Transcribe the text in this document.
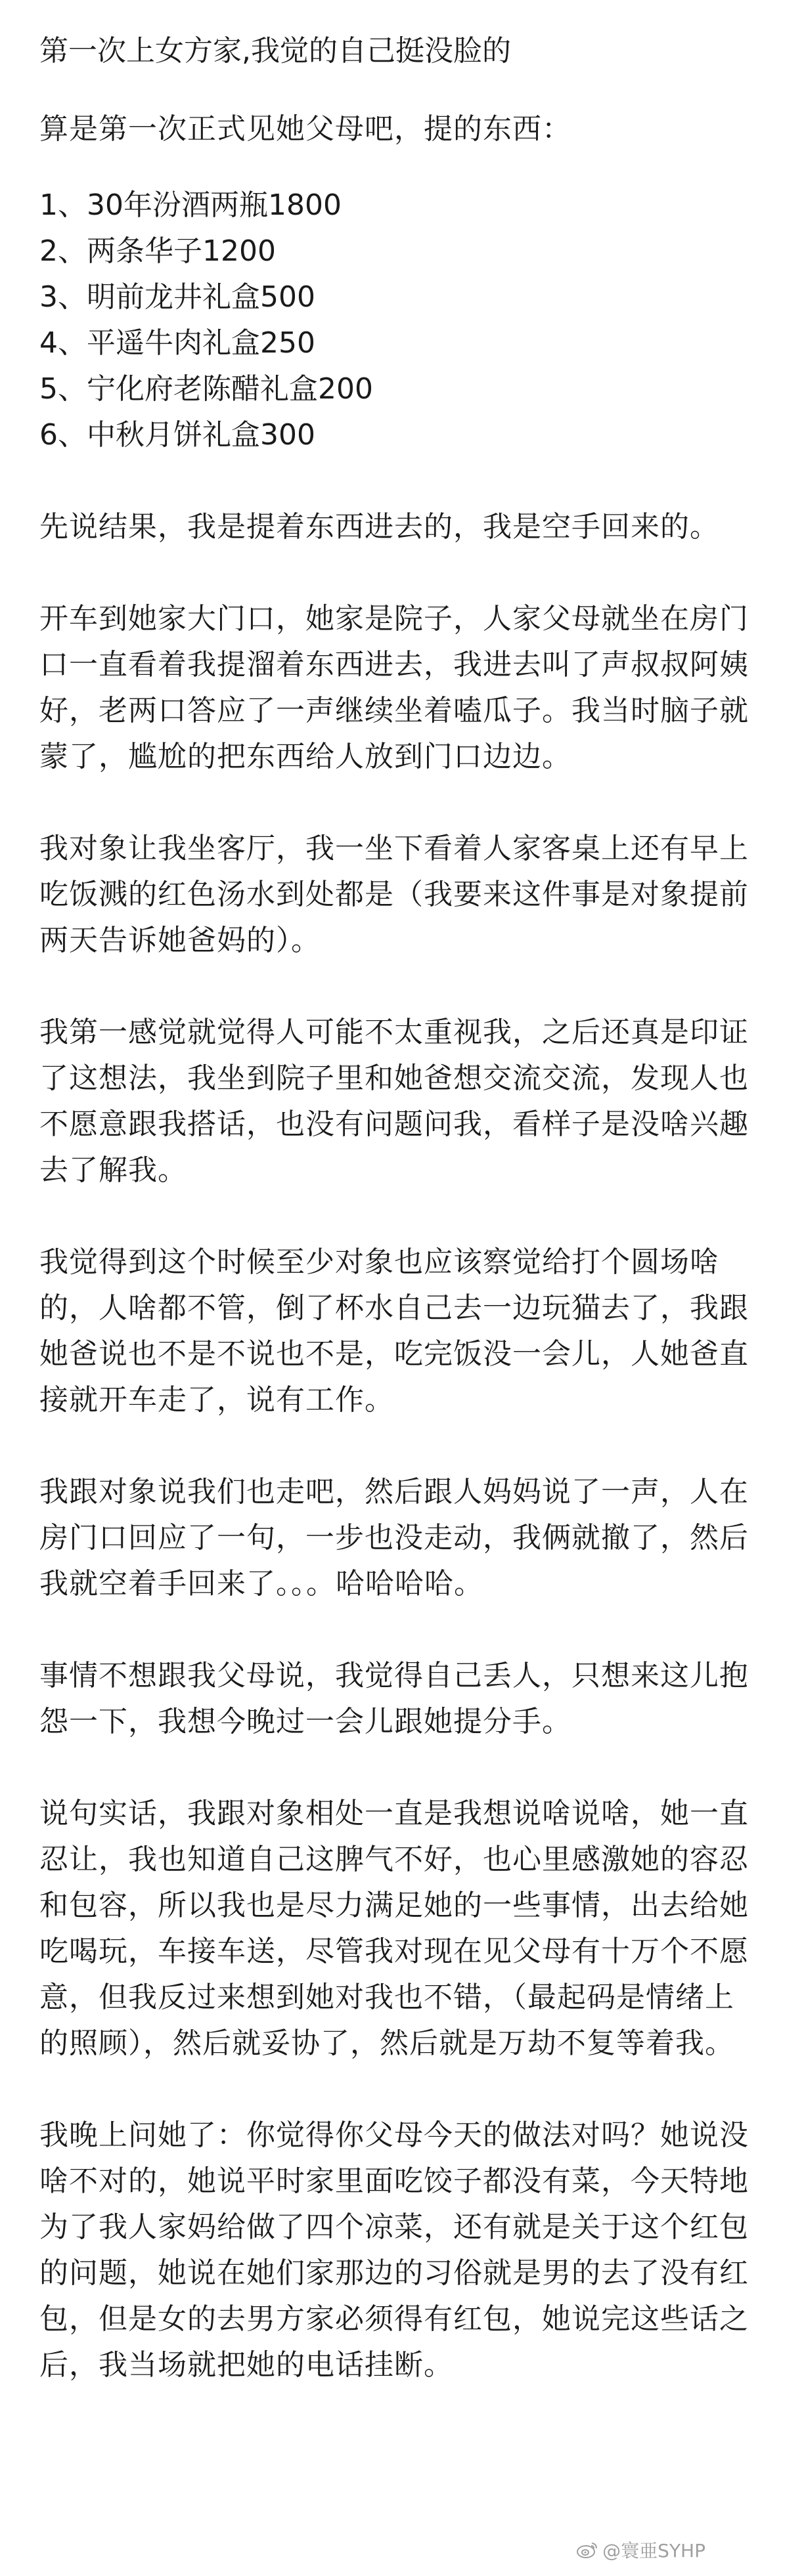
第一次上女方家,我觉的自己挺没脸的
算是第一次正式见她父母吧，提的东西：
1、30年汾酒两瓶1800
2、两条华子1200
3、明前龙井礼盒500
4、平遥牛肉礼盒250
5、宁化府老陈醋礼盒200
6、中秋月饼礼盒300
先说结果，我是提着东西进去的，我是空手回来的。
开车到她家大门口，她家是院子，人家父母就坐在房门口一直看着我提溜着东西进去，我进去叫了声叔叔阿姨好，老两口答应了一声继续坐着嗑瓜子。我当时脑子就蒙了，尴尬的把东西给人放到门口边边。
我对象让我坐客厅，我一坐下看着人家客桌上还有早上吃饭溅的红色汤水到处都是（我要来这件事是对象提前两天告诉她爸妈的）。
我第一感觉就觉得人可能不太重视我，之后还真是印证了这想法，我坐到院子里和她爸想交流交流，发现人也不愿意跟我搭话，也没有问题问我，看样子是没啥兴趣去了解我。
我觉得到这个时候至少对象也应该察觉给打个圆场啥的，人啥都不管，倒了杯水自己去一边玩猫去了，我跟她爸说也不是不说也不是，吃完饭没一会儿，人她爸直接就开车走了，说有工作。
我跟对象说我们也走吧，然后跟人妈妈说了一声，人在房门口回应了一句，一步也没走动，我俩就撤了，然后我就空着手回来了。。。哈哈哈哈。
事情不想跟我父母说，我觉得自己丢人，只想来这儿抱怨一下，我想今晚过一会儿跟她提分手。
说句实话，我跟对象相处一直是我想说啥说啥，她一直忍让，我也知道自己这脾气不好，也心里感激她的容忍和包容，所以我也是尽力满足她的一些事情，出去给她吃喝玩，车接车送，尽管我对现在见父母有十万个不愿意，但我反过来想到她对我也不错，（最起码是情绪上的照顾），然后就妥协了，然后就是万劫不复等着我。
我晚上问她了：你觉得你父母今天的做法对吗？她说没啥不对的，她说平时家里面吃饺子都没有菜，今天特地为了我人家妈给做了四个凉菜，还有就是关于这个红包的问题，她说在她们家那边的习俗就是男的去了没有红包，但是女的去男方家必须得有红包，她说完这些话之后，我当场就把她的电话挂断。
@寰亜SYHP
